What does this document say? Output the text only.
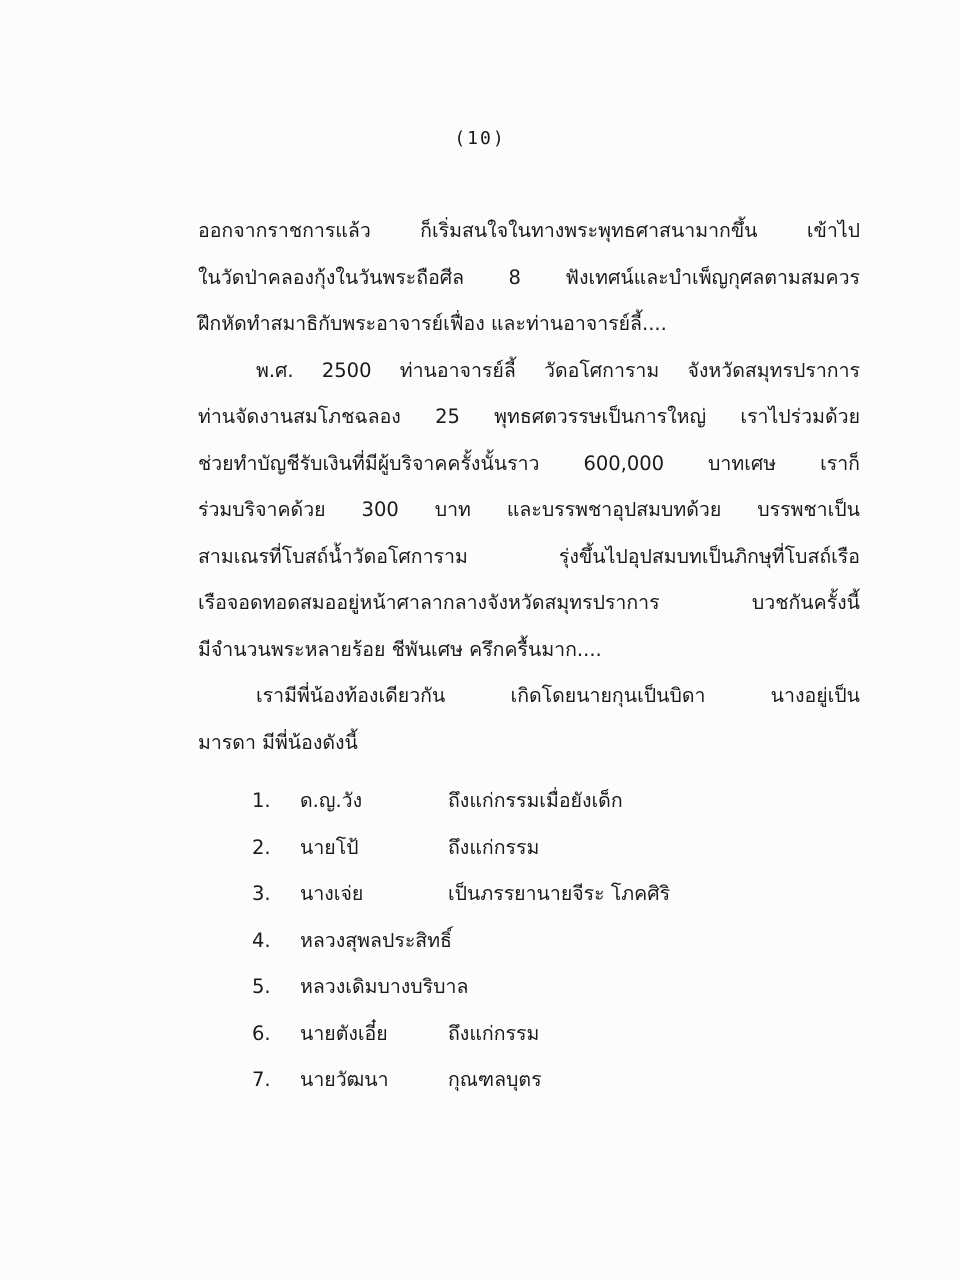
(10)
ออกจากราชการแล้ว ก็เริ่มสนใจในทางพระพุทธศาสนามากขึ้น เข้าไป
ในวัดป่าคลองกุ้งในวันพระถือศีล 8 ฟังเทศน์และบำเพ็ญกุศลตามสมควร
ฝึกหัดทำสมาธิกับพระอาจารย์เฟื่อง และท่านอาจารย์ลี้....
พ.ศ. 2500 ท่านอาจารย์ลี้ วัดอโศการาม จังหวัดสมุทรปราการ
ท่านจัดงานสมโภชฉลอง 25 พุทธศตวรรษเป็นการใหญ่ เราไปร่วมด้วย
ช่วยทำบัญชีรับเงินที่มีผู้บริจาคครั้งนั้นราว 600,000 บาทเศษ เราก็
ร่วมบริจาคด้วย 300 บาท และบรรพชาอุปสมบทด้วย บรรพชาเป็น
สามเณรที่โบสถ์น้ำวัดอโศการาม รุ่งขึ้นไปอุปสมบทเป็นภิกษุที่โบสถ์เรือ
เรือจอดทอดสมออยู่หน้าศาลากลางจังหวัดสมุทรปราการ บวชกันครั้งนี้
มีจำนวนพระหลายร้อย ชีพันเศษ ครึกครื้นมาก....
เรามีพี่น้องท้องเดียวกัน เกิดโดยนายกุนเป็นบิดา นางอยู่เป็น
มารดา มีพี่น้องดังนี้
1.	ด.ญ.วัง	ถึงแก่กรรมเมื่อยังเด็ก
2.	นายโป้	ถึงแก่กรรม
3.	นางเจ่ย	เป็นภรรยานายจีระ โภคศิริ
4.	หลวงสุพลประสิทธิ์
5.	หลวงเดิมบางบริบาล
6.	นายตังเอี๋ย	ถึงแก่กรรม
7.	นายวัฒนา	กุณฑลบุตร
